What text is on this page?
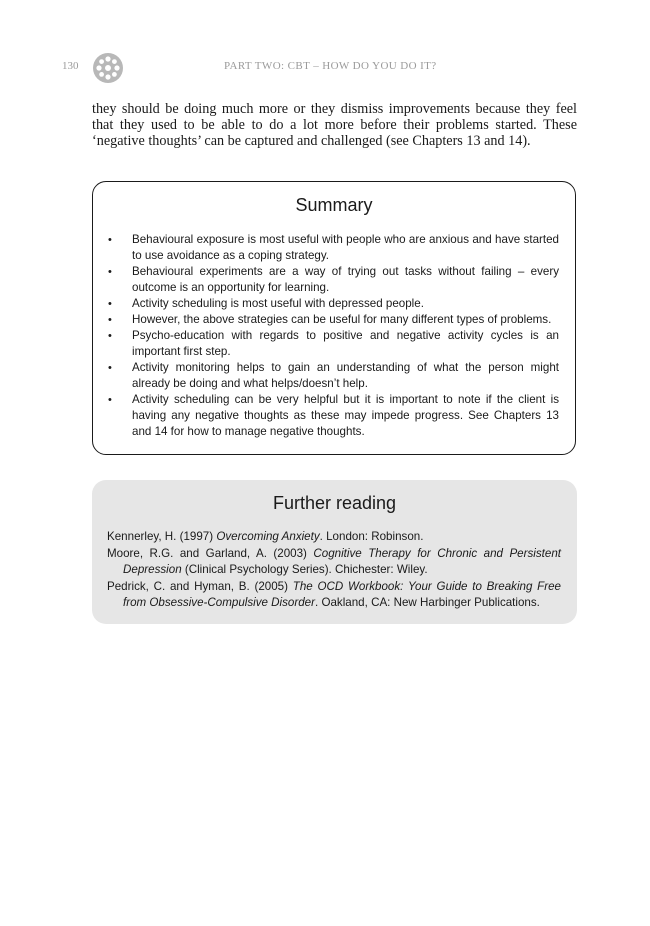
130	PART TWO: CBT – HOW DO YOU DO IT?

they should be doing much more or they dismiss improvements because they feel that they used to be able to do a lot more before their problems started. These ‘negative thoughts’ can be captured and challenged (see Chapters 13 and 14).

Summary
• Behavioural exposure is most useful with people who are anxious and have started to use avoidance as a coping strategy.
• Behavioural experiments are a way of trying out tasks without failing – every outcome is an opportunity for learning.
• Activity scheduling is most useful with depressed people.
• However, the above strategies can be useful for many different types of problems.
• Psycho-education with regards to positive and negative activity cycles is an important first step.
• Activity monitoring helps to gain an understanding of what the person might already be doing and what helps/doesn’t help.
• Activity scheduling can be very helpful but it is important to note if the client is having any negative thoughts as these may impede progress. See Chapters 13 and 14 for how to manage negative thoughts.
Further reading
Kennerley, H. (1997) Overcoming Anxiety. London: Robinson.
Moore, R.G. and Garland, A. (2003) Cognitive Therapy for Chronic and Persistent Depression (Clinical Psychology Series). Chichester: Wiley.
Pedrick, C. and Hyman, B. (2005) The OCD Workbook: Your Guide to Breaking Free from Obsessive-Compulsive Disorder. Oakland, CA: New Harbinger Publications.
